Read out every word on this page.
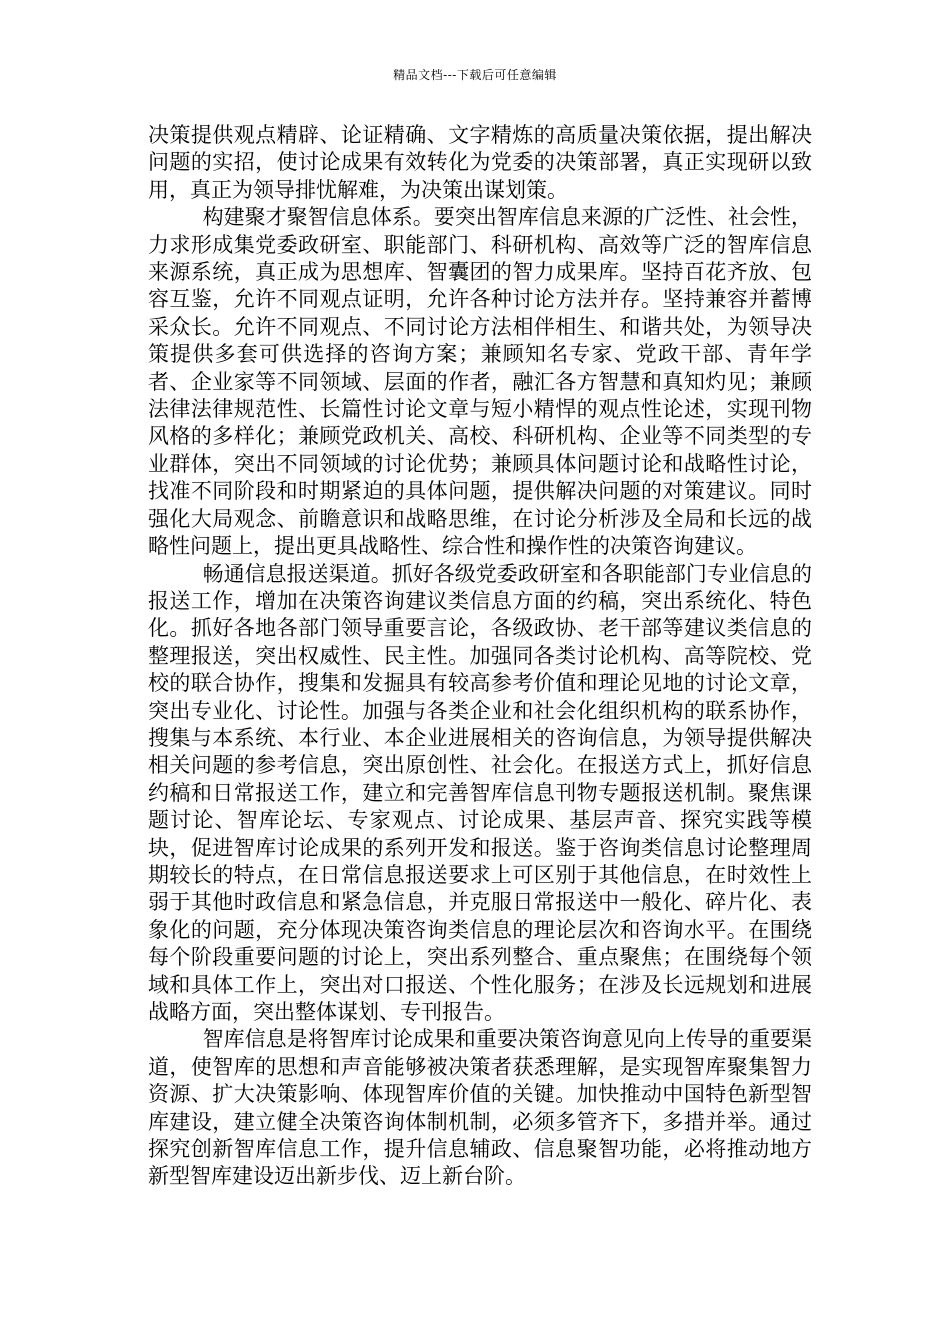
精品文档---下载后可任意编辑

决策提供观点精辟、论证精确、文字精炼的高质量决策依据，提出解决问题的实招，使讨论成果有效转化为党委的决策部署，真正实现研以致用，真正为领导排忧解难，为决策出谋划策。

构建聚才聚智信息体系。要突出智库信息来源的广泛性、社会性，力求形成集党委政研室、职能部门、科研机构、高效等广泛的智库信息来源系统，真正成为思想库、智囊团的智力成果库。坚持百花齐放、包容互鉴，允许不同观点证明，允许各种讨论方法并存。坚持兼容并蓄博采众长。允许不同观点、不同讨论方法相伴相生、和谐共处，为领导决策提供多套可供选择的咨询方案；兼顾知名专家、党政干部、青年学者、企业家等不同领域、层面的作者，融汇各方智慧和真知灼见；兼顾法律法律规范性、长篇性讨论文章与短小精悍的观点性论述，实现刊物风格的多样化；兼顾党政机关、高校、科研机构、企业等不同类型的专业群体，突出不同领域的讨论优势；兼顾具体问题讨论和战略性讨论，找准不同阶段和时期紧迫的具体问题，提供解决问题的对策建议。同时强化大局观念、前瞻意识和战略思维，在讨论分析涉及全局和长远的战略性问题上，提出更具战略性、综合性和操作性的决策咨询建议。

畅通信息报送渠道。抓好各级党委政研室和各职能部门专业信息的报送工作，增加在决策咨询建议类信息方面的约稿，突出系统化、特色化。抓好各地各部门领导重要言论，各级政协、老干部等建议类信息的整理报送，突出权威性、民主性。加强同各类讨论机构、高等院校、党校的联合协作，搜集和发掘具有较高参考价值和理论见地的讨论文章，突出专业化、讨论性。加强与各类企业和社会化组织机构的联系协作，搜集与本系统、本行业、本企业进展相关的咨询信息，为领导提供解决相关问题的参考信息，突出原创性、社会化。在报送方式上，抓好信息约稿和日常报送工作，建立和完善智库信息刊物专题报送机制。聚焦课题讨论、智库论坛、专家观点、讨论成果、基层声音、探究实践等模块，促进智库讨论成果的系列开发和报送。鉴于咨询类信息讨论整理周期较长的特点，在日常信息报送要求上可区别于其他信息，在时效性上弱于其他时政信息和紧急信息，并克服日常报送中一般化、碎片化、表象化的问题，充分体现决策咨询类信息的理论层次和咨询水平。在围绕每个阶段重要问题的讨论上，突出系列整合、重点聚焦；在围绕每个领域和具体工作上，突出对口报送、个性化服务；在涉及长远规划和进展战略方面，突出整体谋划、专刊报告。

智库信息是将智库讨论成果和重要决策咨询意见向上传导的重要渠道，使智库的思想和声音能够被决策者获悉理解，是实现智库聚集智力资源、扩大决策影响、体现智库价值的关键。加快推动中国特色新型智库建设，建立健全决策咨询体制机制，必须多管齐下，多措并举。通过探究创新智库信息工作，提升信息辅政、信息聚智功能，必将推动地方新型智库建设迈出新步伐、迈上新台阶。
